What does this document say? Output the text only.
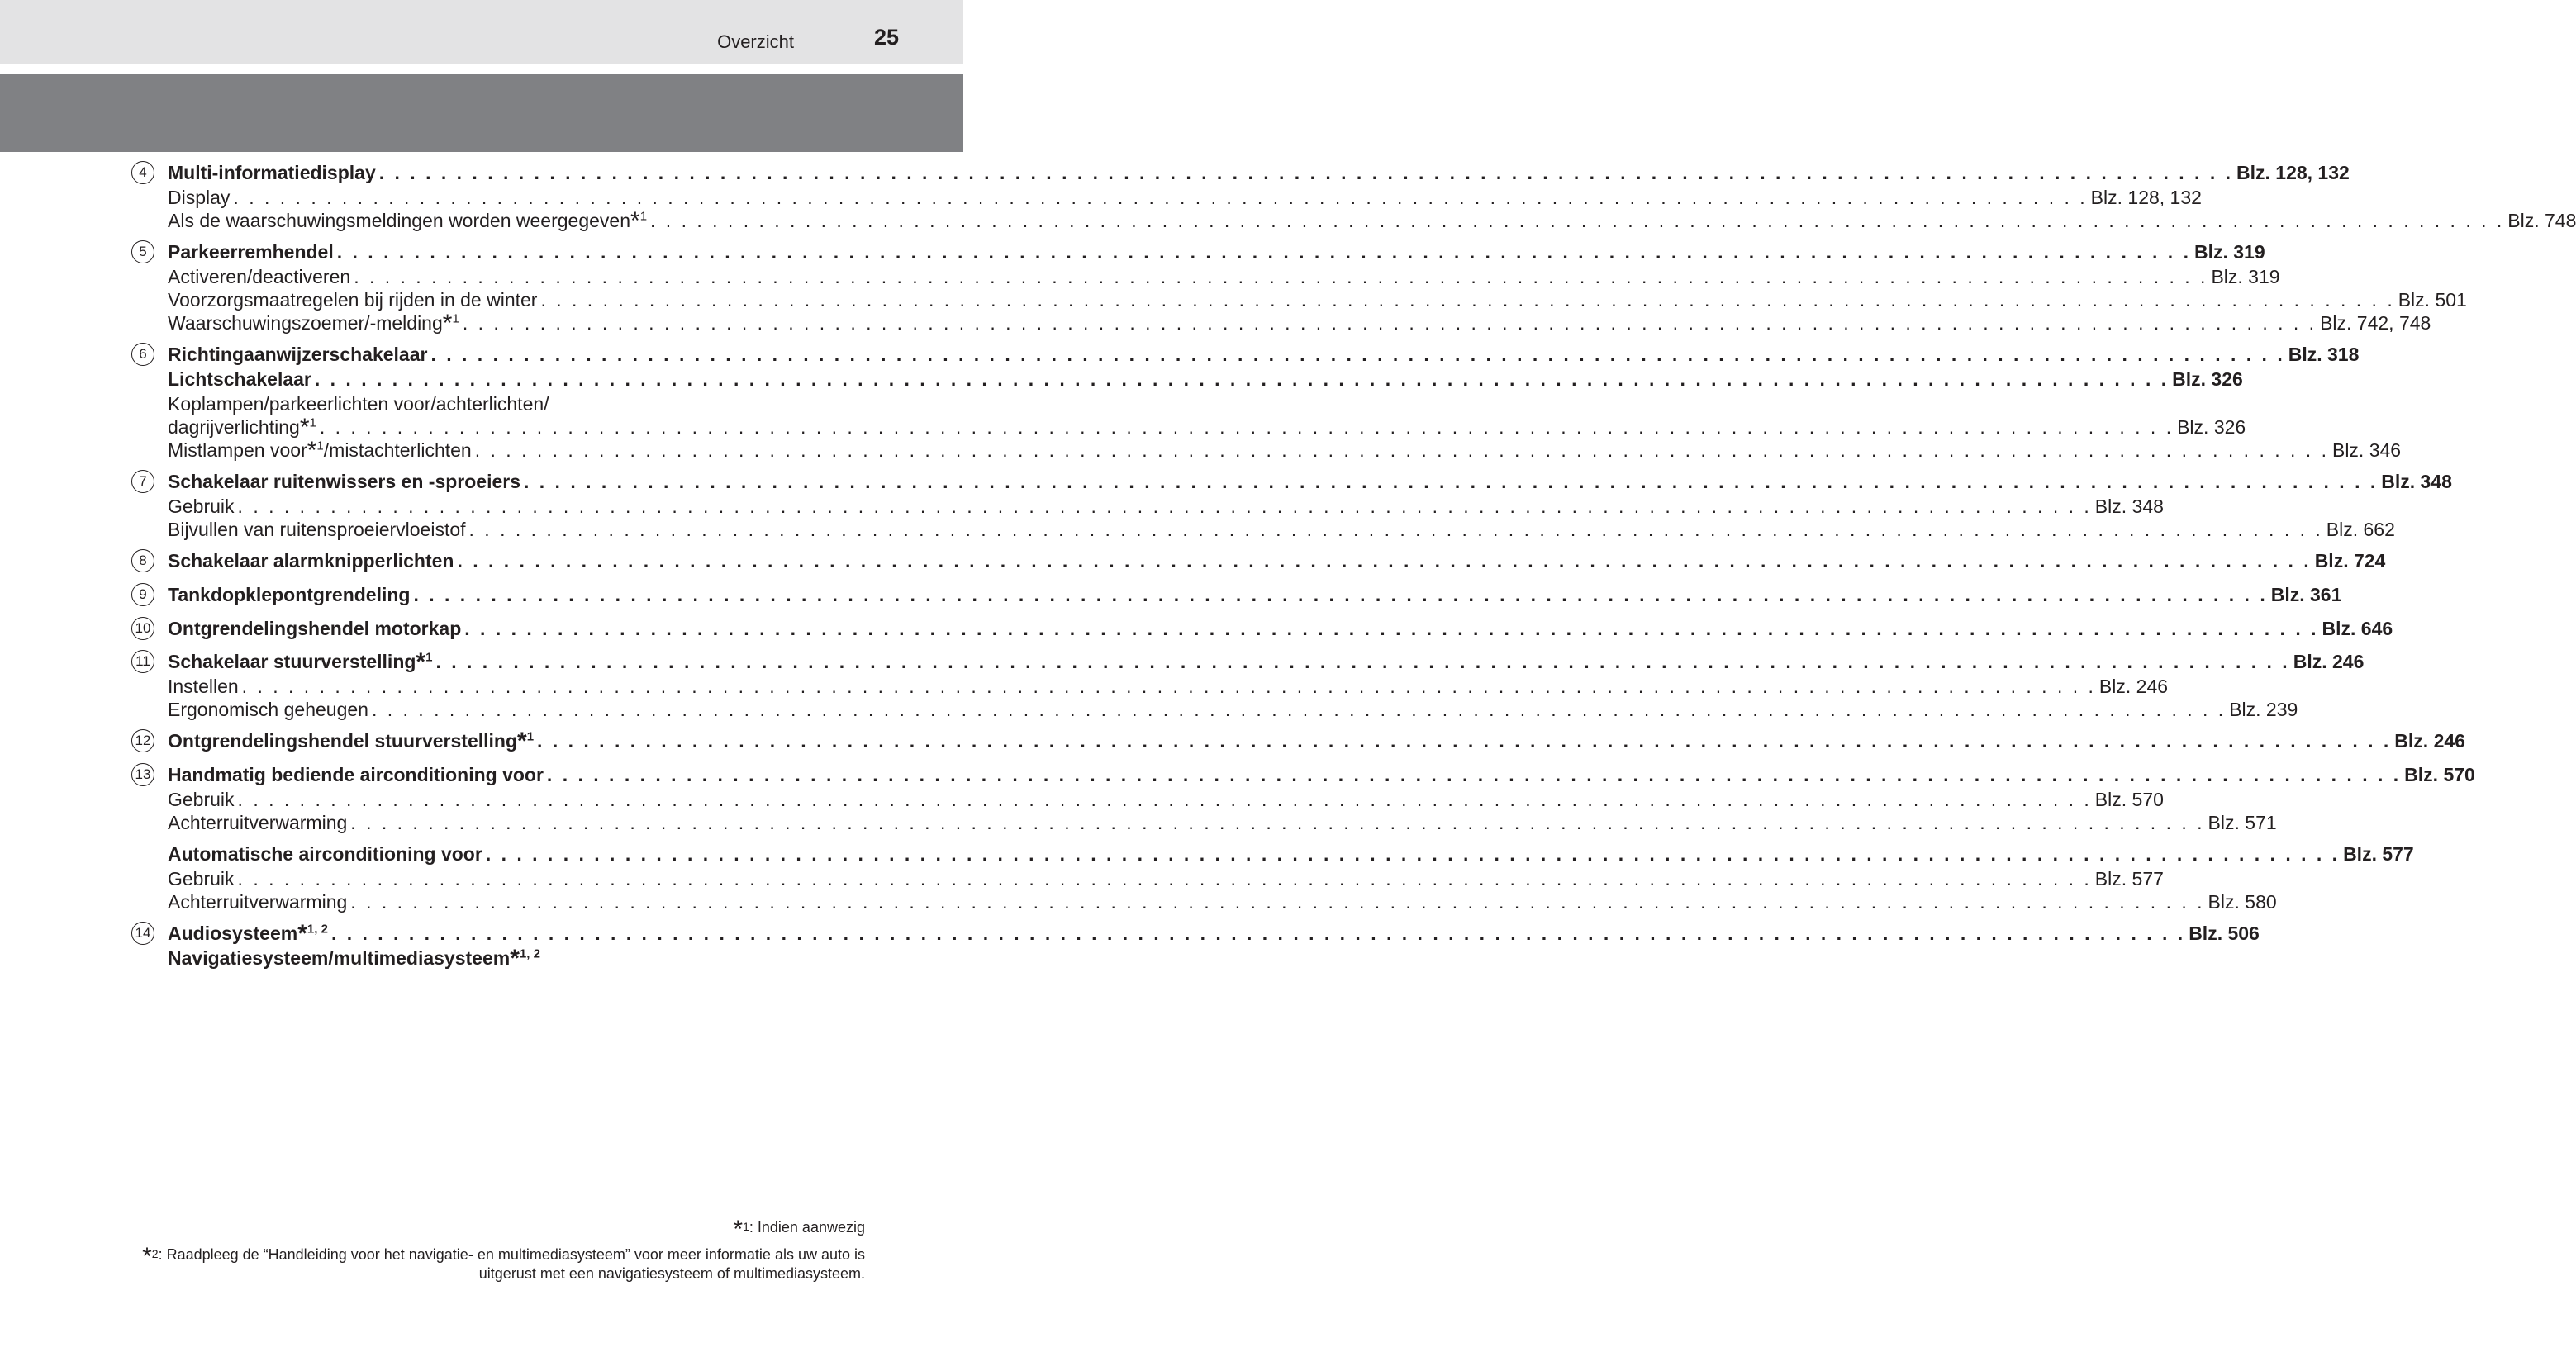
Overzicht	25
4	Multi-informatiedisplay . . . . . . . . . . . . . . . . . . . . . . . . . . . . . . . . . . . . . . . . . . . . . . . . . . . . . . . . . . . . . . . . . . . . . . . . . . . . . . . . . . . . . . . . . . . . . . . . . . . . . . . . . . . . . . . . . . . . . . . . Blz. 128, 132
Display . . . . . . . . . . . . . . . . . . . . . . . . . . . . . . . . . . . . . . . . . . . . . . . . . . . . . . . . . . . . . . . . . . . . . . . . . . . . . . . . . . . . . . . . . . . . . . . . . . . . . . . . . . . . . . . . . . . . . . . . Blz. 128, 132
Als de waarschuwingsmeldingen worden weergegeven*$^1$ . . . . . . . . . . . . . . . . . . . . . . . . . . . . . . . . . . . . . . . . . . . . . . . . . . . . . . . . . . . . . . . . . . . . . . . . . . . . . . . . . . . . . . . . . . . . . . . . . . . . . . . . . . . . . . . . . . . . . . . . Blz. 748
5	Parkeerremhendel . . . . . . . . . . . . . . . . . . . . . . . . . . . . . . . . . . . . . . . . . . . . . . . . . . . . . . . . . . . . . . . . . . . . . . . . . . . . . . . . . . . . . . . . . . . . . . . . . . . . . . . . . . . . . . . . . . . . . . . . Blz. 319
Activeren/deactiveren . . . . . . . . . . . . . . . . . . . . . . . . . . . . . . . . . . . . . . . . . . . . . . . . . . . . . . . . . . . . . . . . . . . . . . . . . . . . . . . . . . . . . . . . . . . . . . . . . . . . . . . . . . . . . . . . . . . . . . . . Blz. 319
Voorzorgsmaatregelen bij rijden in de winter . . . . . . . . . . . . . . . . . . . . . . . . . . . . . . . . . . . . . . . . . . . . . . . . . . . . . . . . . . . . . . . . . . . . . . . . . . . . . . . . . . . . . . . . . . . . . . . . . . . . . . . . . . . . . . . . . . . . . . . . Blz. 501
Waarschuwingszoemer/-melding*$^1$ . . . . . . . . . . . . . . . . . . . . . . . . . . . . . . . . . . . . . . . . . . . . . . . . . . . . . . . . . . . . . . . . . . . . . . . . . . . . . . . . . . . . . . . . . . . . . . . . . . . . . . . . . . . . . . . . . . . . . . . . Blz. 742, 748
6	Richtingaanwijzerschakelaar . . . . . . . . . . . . . . . . . . . . . . . . . . . . . . . . . . . . . . . . . . . . . . . . . . . . . . . . . . . . . . . . . . . . . . . . . . . . . . . . . . . . . . . . . . . . . . . . . . . . . . . . . . . . . . . . . . . . . . . . Blz. 318
Lichtschakelaar . . . . . . . . . . . . . . . . . . . . . . . . . . . . . . . . . . . . . . . . . . . . . . . . . . . . . . . . . . . . . . . . . . . . . . . . . . . . . . . . . . . . . . . . . . . . . . . . . . . . . . . . . . . . . . . . . . . . . . . . Blz. 326
Koplampen/parkeerlichten voor/achterlichten/
dagrijverlichting*$^1$ . . . . . . . . . . . . . . . . . . . . . . . . . . . . . . . . . . . . . . . . . . . . . . . . . . . . . . . . . . . . . . . . . . . . . . . . . . . . . . . . . . . . . . . . . . . . . . . . . . . . . . . . . . . . . . . . . . . . . . . . Blz. 326
Mistlampen voor*$^1$/mistachterlichten . . . . . . . . . . . . . . . . . . . . . . . . . . . . . . . . . . . . . . . . . . . . . . . . . . . . . . . . . . . . . . . . . . . . . . . . . . . . . . . . . . . . . . . . . . . . . . . . . . . . . . . . . . . . . . . . . . . . . . . . Blz. 346
7	Schakelaar ruitenwissers en -sproeiers . . . . . . . . . . . . . . . . . . . . . . . . . . . . . . . . . . . . . . . . . . . . . . . . . . . . . . . . . . . . . . . . . . . . . . . . . . . . . . . . . . . . . . . . . . . . . . . . . . . . . . . . . . . . . . . . . . . . . . . . Blz. 348
Gebruik . . . . . . . . . . . . . . . . . . . . . . . . . . . . . . . . . . . . . . . . . . . . . . . . . . . . . . . . . . . . . . . . . . . . . . . . . . . . . . . . . . . . . . . . . . . . . . . . . . . . . . . . . . . . . . . . . . . . . . . . Blz. 348
Bijvullen van ruitensproeiervloeistof . . . . . . . . . . . . . . . . . . . . . . . . . . . . . . . . . . . . . . . . . . . . . . . . . . . . . . . . . . . . . . . . . . . . . . . . . . . . . . . . . . . . . . . . . . . . . . . . . . . . . . . . . . . . . . . . . . . . . . . . Blz. 662
8	Schakelaar alarmknipperlichten . . . . . . . . . . . . . . . . . . . . . . . . . . . . . . . . . . . . . . . . . . . . . . . . . . . . . . . . . . . . . . . . . . . . . . . . . . . . . . . . . . . . . . . . . . . . . . . . . . . . . . . . . . . . . . . . . . . . . . . . Blz. 724
9	Tankdopklepontgrendeling . . . . . . . . . . . . . . . . . . . . . . . . . . . . . . . . . . . . . . . . . . . . . . . . . . . . . . . . . . . . . . . . . . . . . . . . . . . . . . . . . . . . . . . . . . . . . . . . . . . . . . . . . . . . . . . . . . . . . . . . Blz. 361
10 Ontgrendelingshendel motorkap . . . . . . . . . . . . . . . . . . . . . . . . . . . . . . . . . . . . . . . . . . . . . . . . . . . . . . . . . . . . . . . . . . . . . . . . . . . . . . . . . . . . . . . . . . . . . . . . . . . . . . . . . . . . . . . . . . . . . . . . Blz. 646
11 Schakelaar stuurverstelling*$^1$ . . . . . . . . . . . . . . . . . . . . . . . . . . . . . . . . . . . . . . . . . . . . . . . . . . . . . . . . . . . . . . . . . . . . . . . . . . . . . . . . . . . . . . . . . . . . . . . . . . . . . . . . . . . . . . . . . . . . . . . . Blz. 246
Instellen . . . . . . . . . . . . . . . . . . . . . . . . . . . . . . . . . . . . . . . . . . . . . . . . . . . . . . . . . . . . . . . . . . . . . . . . . . . . . . . . . . . . . . . . . . . . . . . . . . . . . . . . . . . . . . . . . . . . . . . . Blz. 246
Ergonomisch geheugen . . . . . . . . . . . . . . . . . . . . . . . . . . . . . . . . . . . . . . . . . . . . . . . . . . . . . . . . . . . . . . . . . . . . . . . . . . . . . . . . . . . . . . . . . . . . . . . . . . . . . . . . . . . . . . . . . . . . . . . . Blz. 239
12 Ontgrendelingshendel stuurverstelling*$^1$ . . . . . . . . . . . . . . . . . . . . . . . . . . . . . . . . . . . . . . . . . . . . . . . . . . . . . . . . . . . . . . . . . . . . . . . . . . . . . . . . . . . . . . . . . . . . . . . . . . . . . . . . . . . . . . . . . . . . . . . . Blz. 246
13 Handmatig bediende airconditioning voor . . . . . . . . . . . . . . . . . . . . . . . . . . . . . . . . . . . . . . . . . . . . . . . . . . . . . . . . . . . . . . . . . . . . . . . . . . . . . . . . . . . . . . . . . . . . . . . . . . . . . . . . . . . . . . . . . . . . . . . . Blz. 570
Gebruik . . . . . . . . . . . . . . . . . . . . . . . . . . . . . . . . . . . . . . . . . . . . . . . . . . . . . . . . . . . . . . . . . . . . . . . . . . . . . . . . . . . . . . . . . . . . . . . . . . . . . . . . . . . . . . . . . . . . . . . . Blz. 570
Achterruitverwarming . . . . . . . . . . . . . . . . . . . . . . . . . . . . . . . . . . . . . . . . . . . . . . . . . . . . . . . . . . . . . . . . . . . . . . . . . . . . . . . . . . . . . . . . . . . . . . . . . . . . . . . . . . . . . . . . . . . . . . . . Blz. 571
Automatische airconditioning voor . . . . . . . . . . . . . . . . . . . . . . . . . . . . . . . . . . . . . . . . . . . . . . . . . . . . . . . . . . . . . . . . . . . . . . . . . . . . . . . . . . . . . . . . . . . . . . . . . . . . . . . . . . . . . . . . . . . . . . . . Blz. 577
Gebruik . . . . . . . . . . . . . . . . . . . . . . . . . . . . . . . . . . . . . . . . . . . . . . . . . . . . . . . . . . . . . . . . . . . . . . . . . . . . . . . . . . . . . . . . . . . . . . . . . . . . . . . . . . . . . . . . . . . . . . . . Blz. 577
Achterruitverwarming . . . . . . . . . . . . . . . . . . . . . . . . . . . . . . . . . . . . . . . . . . . . . . . . . . . . . . . . . . . . . . . . . . . . . . . . . . . . . . . . . . . . . . . . . . . . . . . . . . . . . . . . . . . . . . . . . . . . . . . . Blz. 580
14 Audiosysteem*$^{1, 2}$ . . . . . . . . . . . . . . . . . . . . . . . . . . . . . . . . . . . . . . . . . . . . . . . . . . . . . . . . . . . . . . . . . . . . . . . . . . . . . . . . . . . . . . . . . . . . . . . . . . . . . . . . . . . . . . . . . . . . . . . . Blz. 506
Navigatiesysteem/multimediasysteem*$^{1, 2}$
*1: Indien aanwezig
*2: Raadpleeg de “Handleiding voor het navigatie- en multimediasysteem” voor meer informatie als uw auto is uitgerust met een navigatiesysteem of multimediasysteem.
